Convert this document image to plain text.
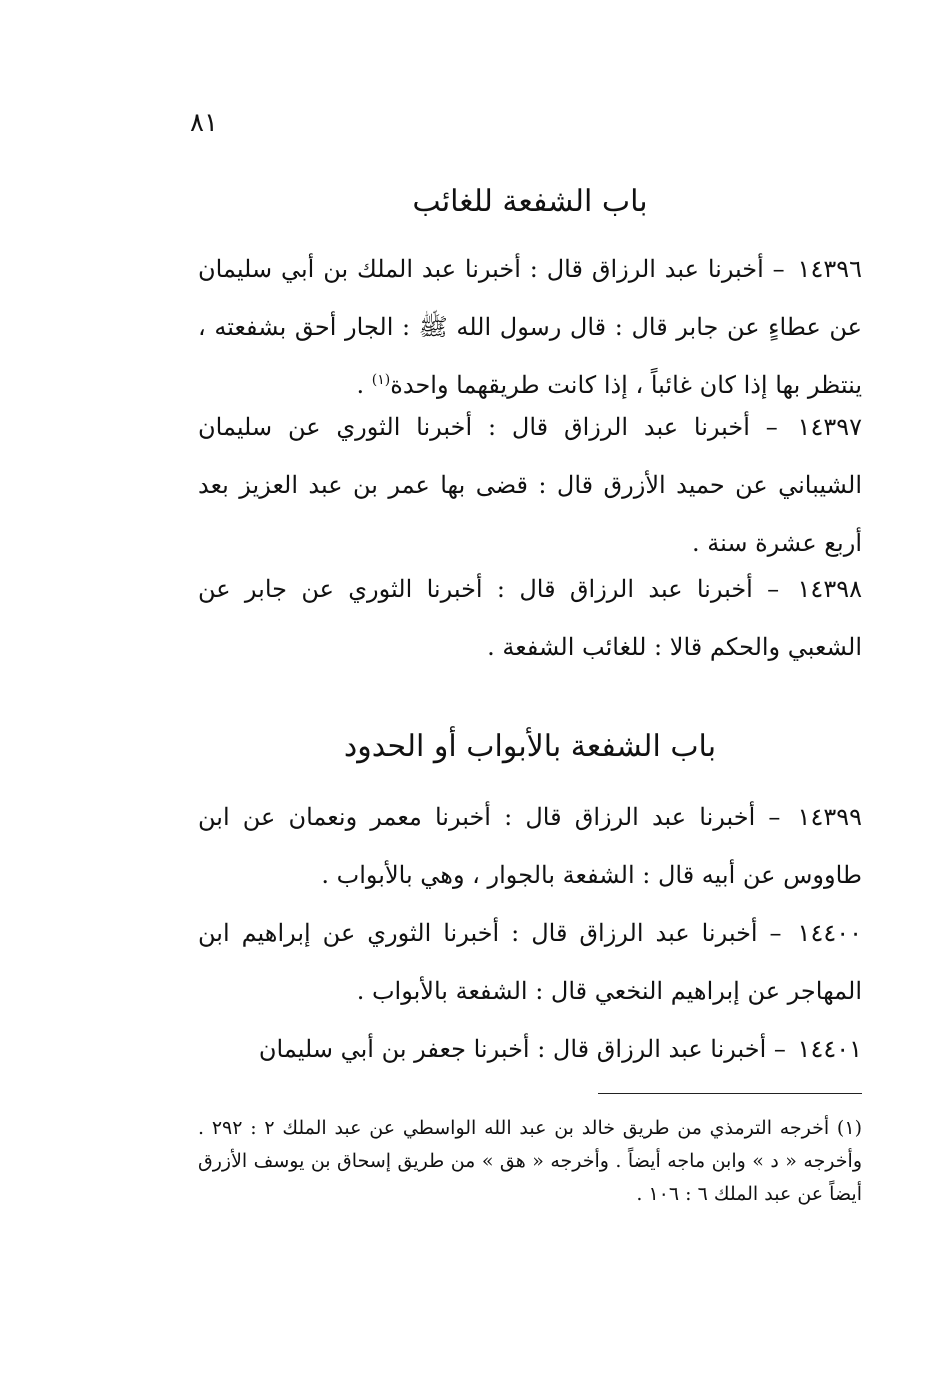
٨١
باب الشفعة للغائب
١٤٣٩٦ – أخبرنا عبد الرزاق قال : أخبرنا عبد الملك بن أبي سليمان عن عطاءٍ عن جابر قال : قال رسول الله ﷺ : الجار أحق بشفعته ، ينتظر بها إذا كان غائباً ، إذا كانت طريقهما واحدة$^{(١)}$ .
١٤٣٩٧ – أخبرنا عبد الرزاق قال : أخبرنا الثوري عن سليمان الشيباني عن حميد الأزرق قال : قضى بها عمر بن عبد العزيز بعد أربع عشرة سنة .
١٤٣٩٨ – أخبرنا عبد الرزاق قال : أخبرنا الثوري عن جابر عن الشعبي والحكم قالا : للغائب الشفعة .
باب الشفعة بالأبواب أو الحدود
١٤٣٩٩ – أخبرنا عبد الرزاق قال : أخبرنا معمر ونعمان عن ابن طاووس عن أبيه قال : الشفعة بالجوار ، وهي بالأبواب .
١٤٤٠٠ – أخبرنا عبد الرزاق قال : أخبرنا الثوري عن إبراهيم ابن المهاجر عن إبراهيم النخعي قال : الشفعة بالأبواب .
١٤٤٠١ – أخبرنا عبد الرزاق قال : أخبرنا جعفر بن أبي سليمان
(١) أخرجه الترمذي من طريق خالد بن عبد الله الواسطي عن عبد الملك ٢ : ٢٩٢ . وأخرجه « د » وابن ماجه أيضاً . وأخرجه « هق » من طريق إسحاق بن يوسف الأزرق أيضاً عن عبد الملك ٦ : ١٠٦ .
